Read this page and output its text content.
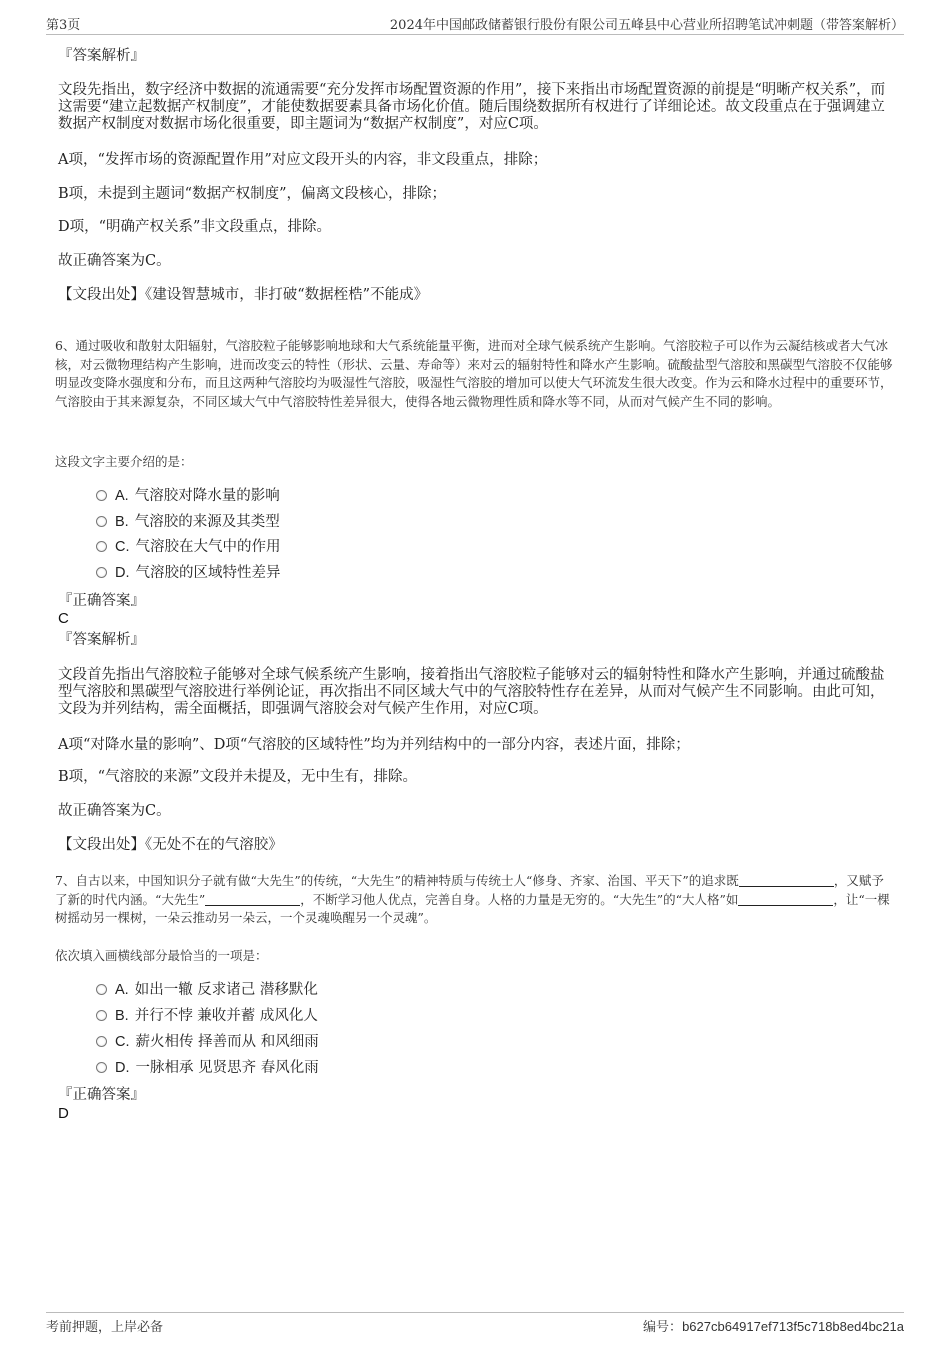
第3页	2024年中国邮政储蓄银行股份有限公司五峰县中心营业所招聘笔试冲刺题（带答案解析）
『答案解析』
文段先指出，数字经济中数据的流通需要“充分发挥市场配置资源的作用”，接下来指出市场配置资源的前提是“明晰产权关系”，而这需要“建立起数据产权制度”，才能使数据要素具备市场化价值。随后围绕数据所有权进行了详细论述。故文段重点在于强调建立数据产权制度对数据市场化很重要，即主题词为“数据产权制度”，对应C项。
A项，“发挥市场的资源配置作用”对应文段开头的内容，非文段重点，排除；
B项，未提到主题词“数据产权制度”，偏离文段核心，排除；
D项，“明确产权关系”非文段重点，排除。
故正确答案为C。
【文段出处】《建设智慧城市，非打破“数据桎梏”不能成》
6、通过吸收和散射太阳辐射，气溶胶粒子能够影响地球和大气系统能量平衡，进而对全球气候系统产生影响。气溶胶粒子可以作为云凝结核或者大气冰核，对云微物理结构产生影响，进而改变云的特性（形状、云量、寿命等）来对云的辐射特性和降水产生影响。硫酸盐型气溶胶和黑碳型气溶胶不仅能够明显改变降水强度和分布，而且这两种气溶胶均为吸湿性气溶胶，吸湿性气溶胶的增加可以使大气环流发生很大改变。作为云和降水过程中的重要环节，气溶胶由于其来源复杂，不同区域大气中气溶胶特性差异很大，使得各地云微物理性质和降水等不同，从而对气候产生不同的影响。
这段文字主要介绍的是：
A. 气溶胶对降水量的影响
B. 气溶胶的来源及其类型
C. 气溶胶在大气中的作用
D. 气溶胶的区域特性差异
『正确答案』
C
『答案解析』
文段首先指出气溶胶粒子能够对全球气候系统产生影响，接着指出气溶胶粒子能够对云的辐射特性和降水产生影响，并通过硫酸盐型气溶胶和黑碳型气溶胶进行举例论证，再次指出不同区域大气中的气溶胶特性存在差异，从而对气候产生不同影响。由此可知，文段为并列结构，需全面概括，即强调气溶胶会对气候产生作用，对应C项。
A项“对降水量的影响”、D项“气溶胶的区域特性”均为并列结构中的一部分内容，表述片面，排除；
B项，“气溶胶的来源”文段并未提及，无中生有，排除。
故正确答案为C。
【文段出处】《无处不在的气溶胶》
7、自古以来，中国知识分子就有做“大先生”的传统，“大先生”的精神特质与传统士人“修身、齐家、治国、平天下”的追求既	，又赋予了新的时代内涵。“大先生”	，不断学习他人优点，完善自身。人格的力量是无穷的。“大先生”的“大人格”如	，让“一棵树摇动另一棵树，一朵云推动另一朵云，一个灵魂唤醒另一个灵魂”。
依次填入画横线部分最恰当的一项是：
A. 如出一辙 反求诸己 潜移默化
B. 并行不悖 兼收并蓄 成风化人
C. 薪火相传 择善而从 和风细雨
D. 一脉相承 见贤思齐 春风化雨
『正确答案』
D
考前押题，上岸必备	编号：b627cb64917ef713f5c718b8ed4bc21a
